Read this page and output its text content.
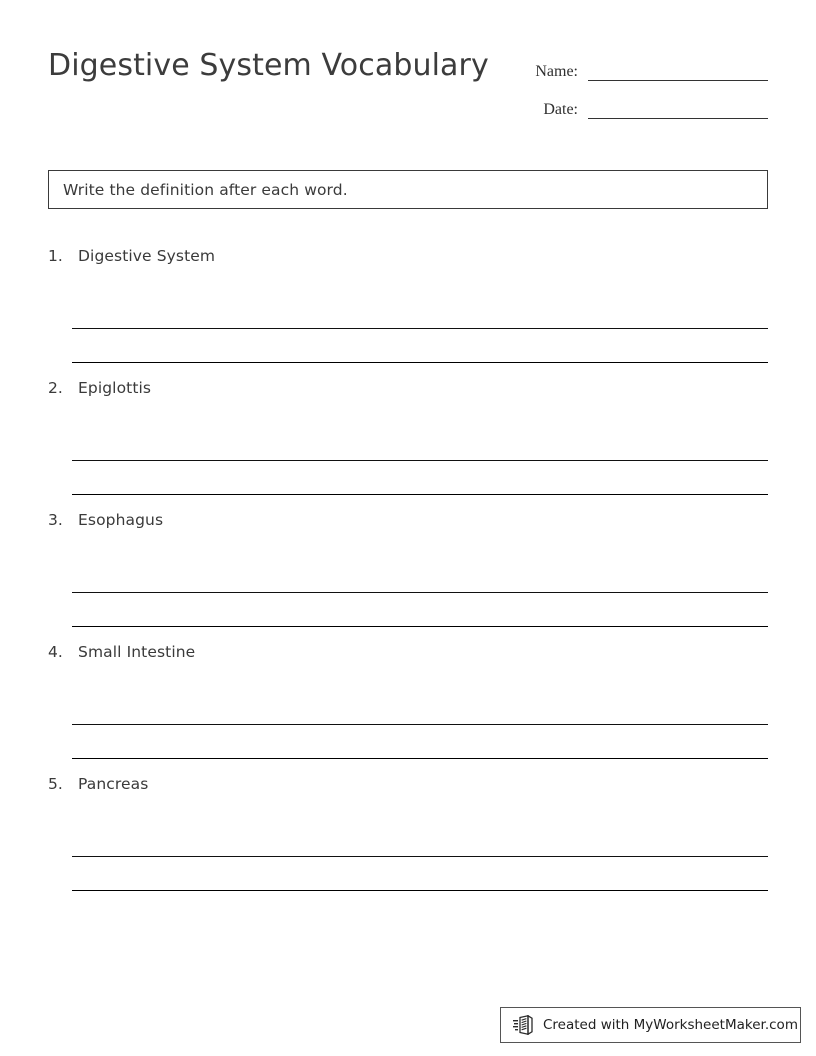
Digestive System Vocabulary	Name:
Date:
Write the definition after each word.
1. Digestive System
2. Epiglottis
3. Esophagus
4. Small Intestine
5. Pancreas
Created with MyWorksheetMaker.com
